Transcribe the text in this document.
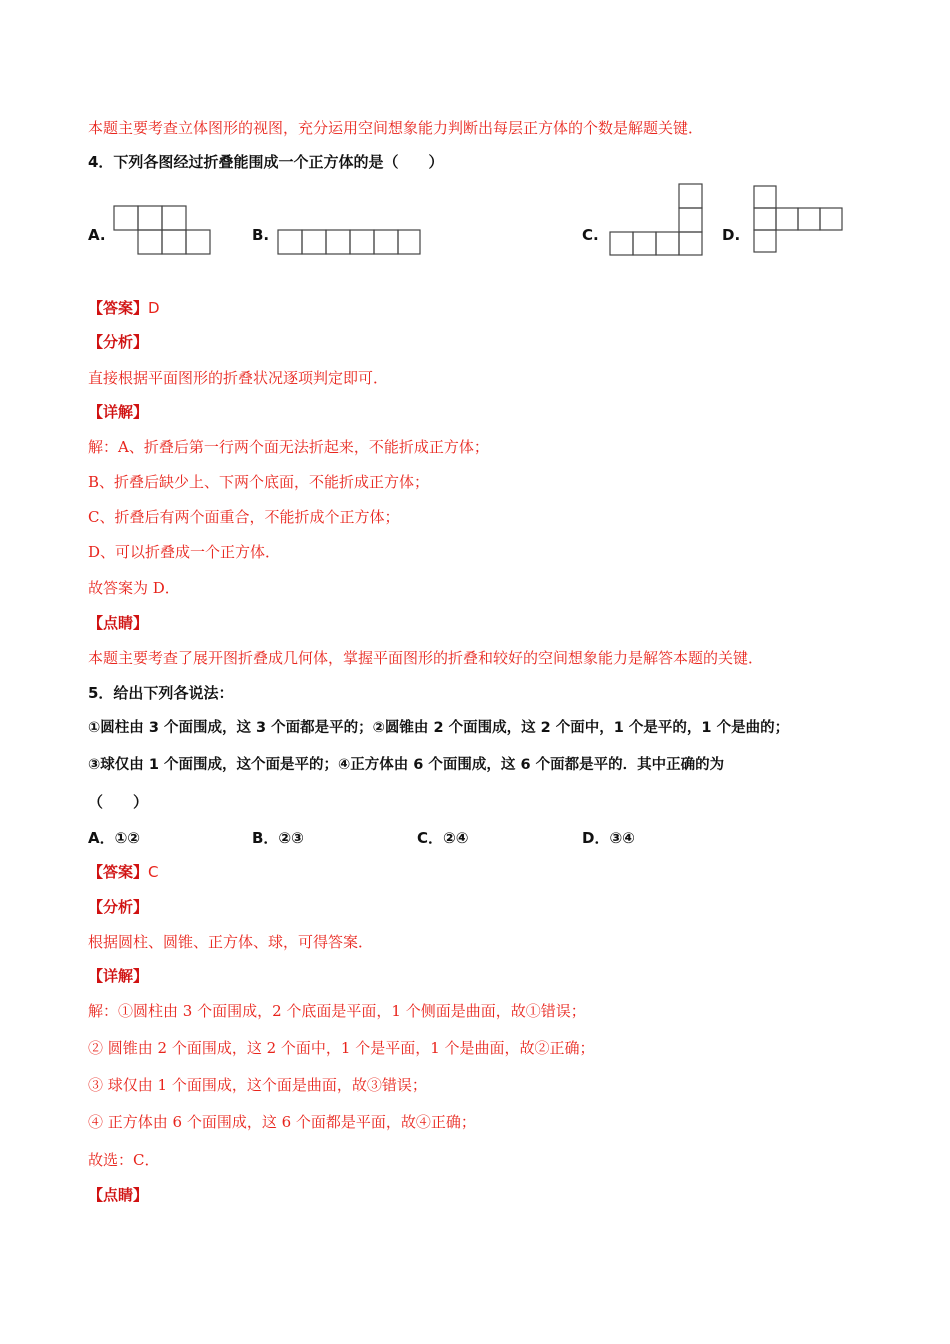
本题主要考查立体图形的视图，充分运用空间想象能力判断出每层正方体的个数是解题关键．
4．下列各图经过折叠能围成一个正方体的是（　　）
A.	B.	C.	D.
【答案】D
【分析】
直接根据平面图形的折叠状况逐项判定即可．
【详解】
解：A、折叠后第一行两个面无法折起来，不能折成正方体；
B、折叠后缺少上、下两个底面，不能折成正方体；
C、折叠后有两个面重合，不能折成个正方体；
D、可以折叠成一个正方体．
故答案为 D．
【点睛】
本题主要考查了展开图折叠成几何体，掌握平面图形的折叠和较好的空间想象能力是解答本题的关键．
5．给出下列各说法：
①圆柱由 3 个面围成，这 3 个面都是平的；②圆锥由 2 个面围成，这 2 个面中，1 个是平的，1 个是曲的；
③球仅由 1 个面围成，这个面是平的；④正方体由 6 个面围成，这 6 个面都是平的．其中正确的为
（　　）
A．①②	B．②③	C．②④	D．③④
【答案】C
【分析】
根据圆柱、圆锥、正方体、球，可得答案．
【详解】
解：①圆柱由 3 个面围成，2 个底面是平面，1 个侧面是曲面，故①错误；
② 圆锥由 2 个面围成，这 2 个面中，1 个是平面，1 个是曲面，故②正确；
③ 球仅由 1 个面围成，这个面是曲面，故③错误；
④ 正方体由 6 个面围成，这 6 个面都是平面，故④正确；
故选：C．
【点睛】
